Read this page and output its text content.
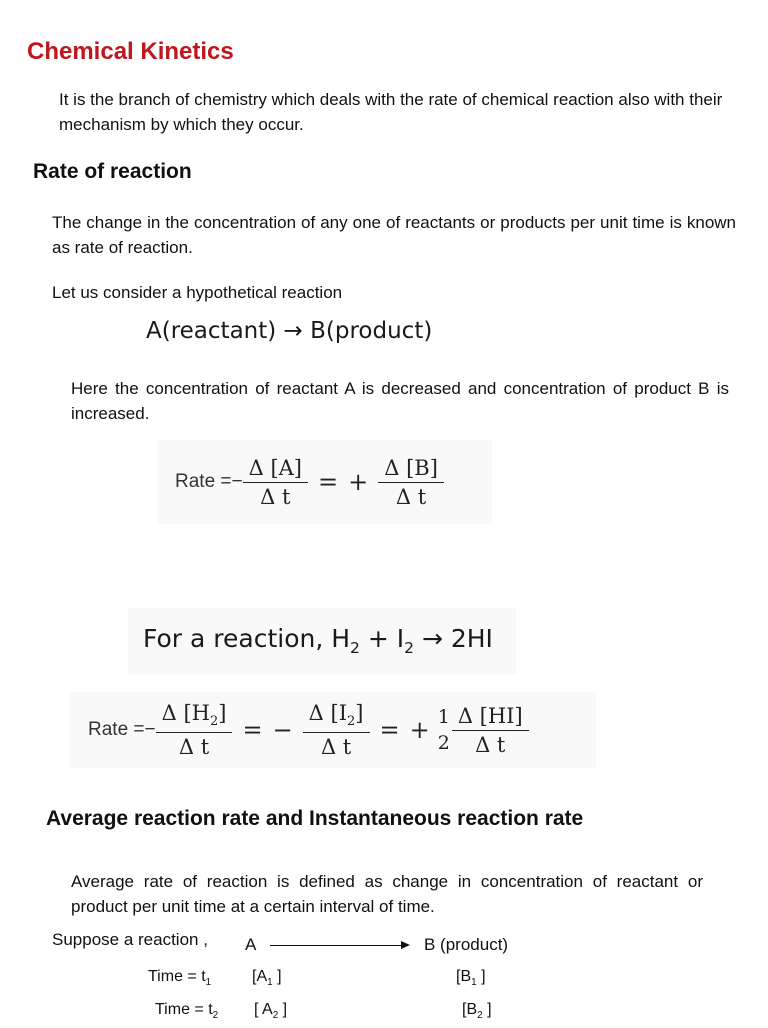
Chemical Kinetics
It is the branch of chemistry which deals with the rate of chemical reaction also with their mechanism by which they occur.
Rate of reaction
The change in the concentration of any one of reactants or products per unit time is known as rate of reaction.
Let us consider a hypothetical reaction
A(reactant) → B(product)
Here the concentration of reactant A is decreased and concentration of product B is increased.
Rate =− $\frac{\Delta [A]}{\text{Δ t}}$ = + $\frac{\Delta [B]}{\text{Δ t}}$
For a reaction, $H_2 + I_2 \to 2HI$
Rate =− $\frac{\Delta [H_2]}{\text{Δ t}}$ = − $\frac{\Delta [I_2]}{\text{Δ t}}$ = + 1
$2 \frac{\Delta [HI]}{\text{Δ t}}$
Average reaction rate and Instantaneous reaction rate
Average rate of reaction is defined as change in concentration of reactant or product per unit time at a certain interval of time.
Suppose a reaction , A	B (product)
Time = $t_1$	[$A_1$ ]	[$B_1$ ]
Time = $t_2$ [ $A_2$ ]	[$B_2$ ]
